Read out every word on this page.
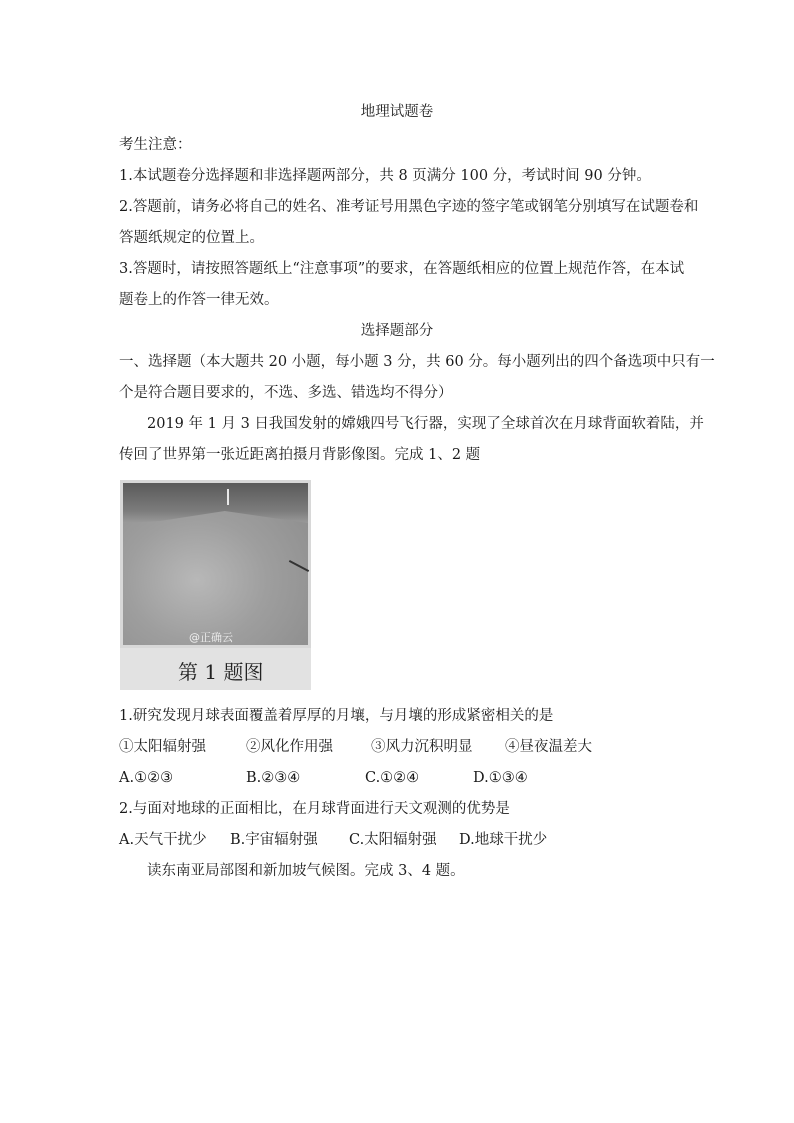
地理试题卷
考生注意：
1.本试题卷分选择题和非选择题两部分，共 8 页满分 100 分，考试时间 90 分钟。
2.答题前，请务必将自己的姓名、准考证号用黑色字迹的签字笔或钢笔分别填写在试题卷和
答题纸规定的位置上。
3.答题时，请按照答题纸上“注意事项”的要求，在答题纸相应的位置上规范作答，在本试
题卷上的作答一律无效。
选择题部分
一、选择题（本大题共 20 小题，每小题 3 分，共 60 分。每小题列出的四个备选项中只有一
个是符合题目要求的，不选、多选、错选均不得分）
2019 年 1 月 3 日我国发射的嫦娥四号飞行器，实现了全球首次在月球背面软着陆，并
传回了世界第一张近距离拍摄月背影像图。完成 1、2 题
@正确云
第 1 题图
1.研究发现月球表面覆盖着厚厚的月壤，与月壤的形成紧密相关的是
①太阳辐射强	②风化作用强	③风力沉积明显 ④昼夜温差大
A.①②③	B.②③④	C.①②④	D.①③④
2.与面对地球的正面相比，在月球背面进行天文观测的优势是
A.天气干扰少 B.宇宙辐射强 C.太阳辐射强 D.地球干扰少
读东南亚局部图和新加坡气候图。完成 3、4 题。
